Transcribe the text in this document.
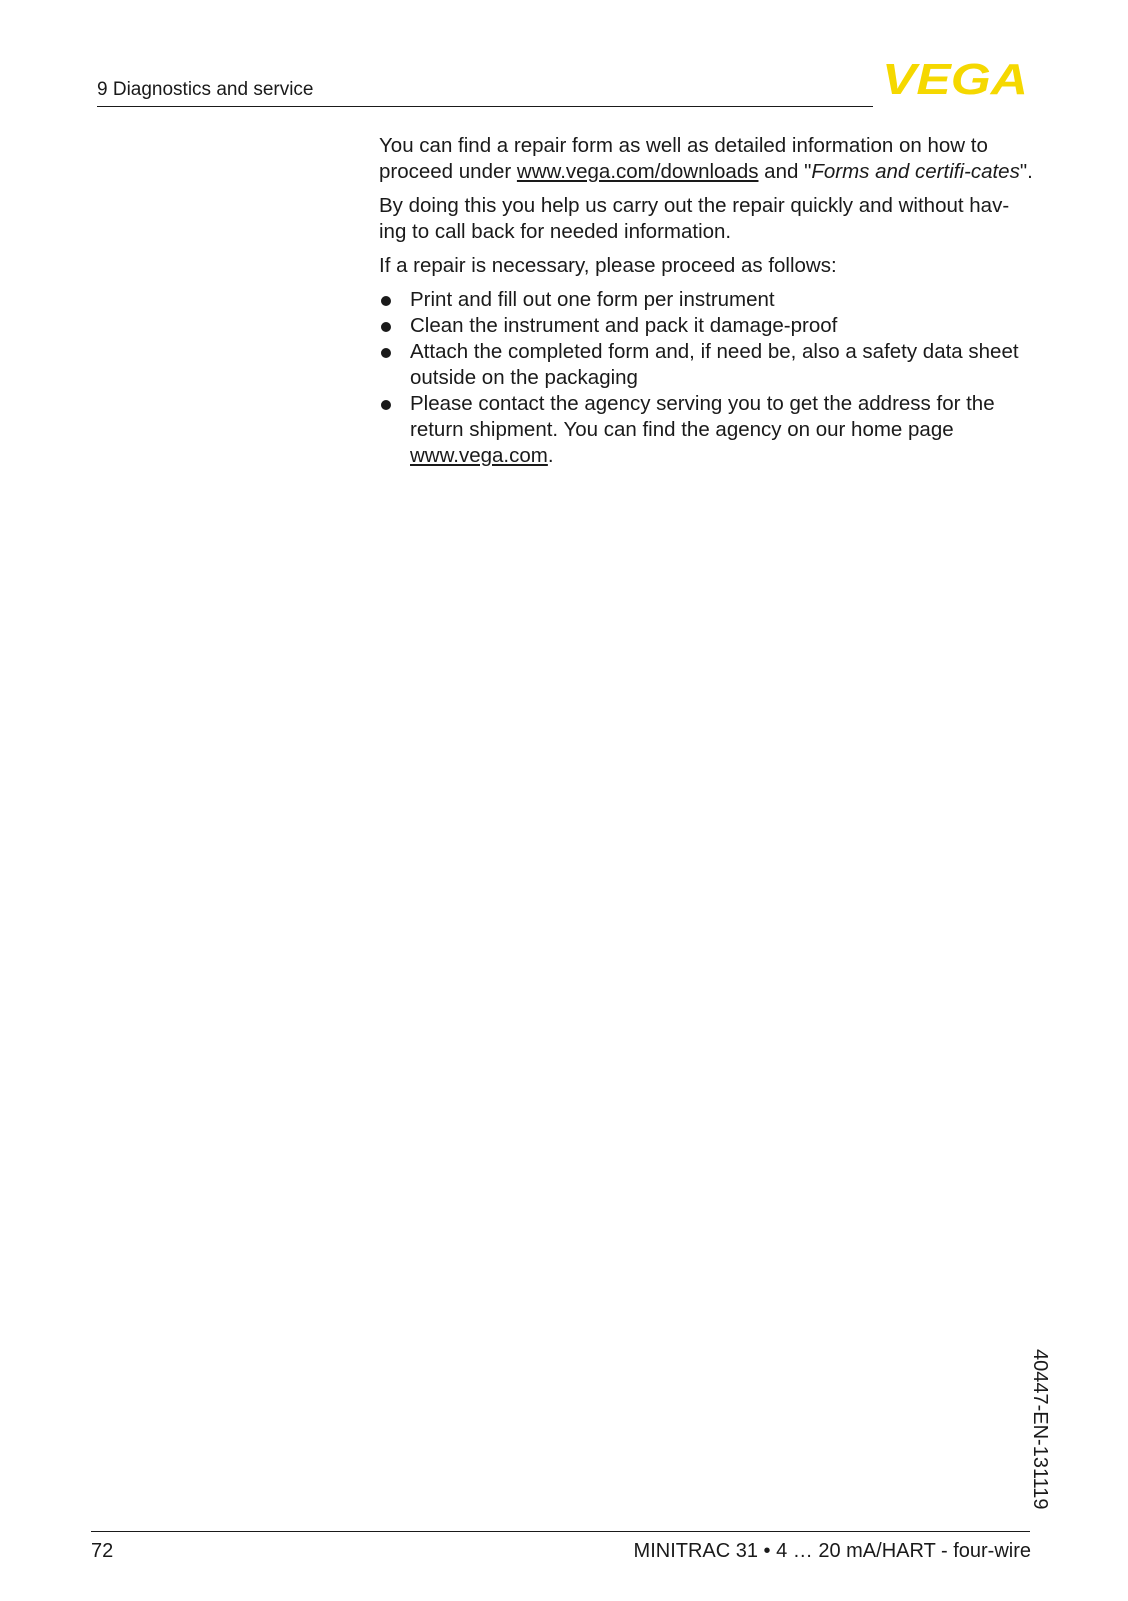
9 Diagnostics and service	VEGA

You can find a repair form as well as detailed information on how to proceed under www.vega.com/downloads and "Forms and certifi-cates".

By doing this you help us carry out the repair quickly and without hav-ing to call back for needed information.

If a repair is necessary, please proceed as follows:

Print and fill out one form per instrument
Clean the instrument and pack it damage-proof
Attach the completed form and, if need be, also a safety data sheet outside on the packaging
Please contact the agency serving you to get the address for the return shipment. You can find the agency on our home page www.vega.com.
40447-EN-131119
72	MINITRAC 31 • 4 … 20 mA/HART - four-wire
